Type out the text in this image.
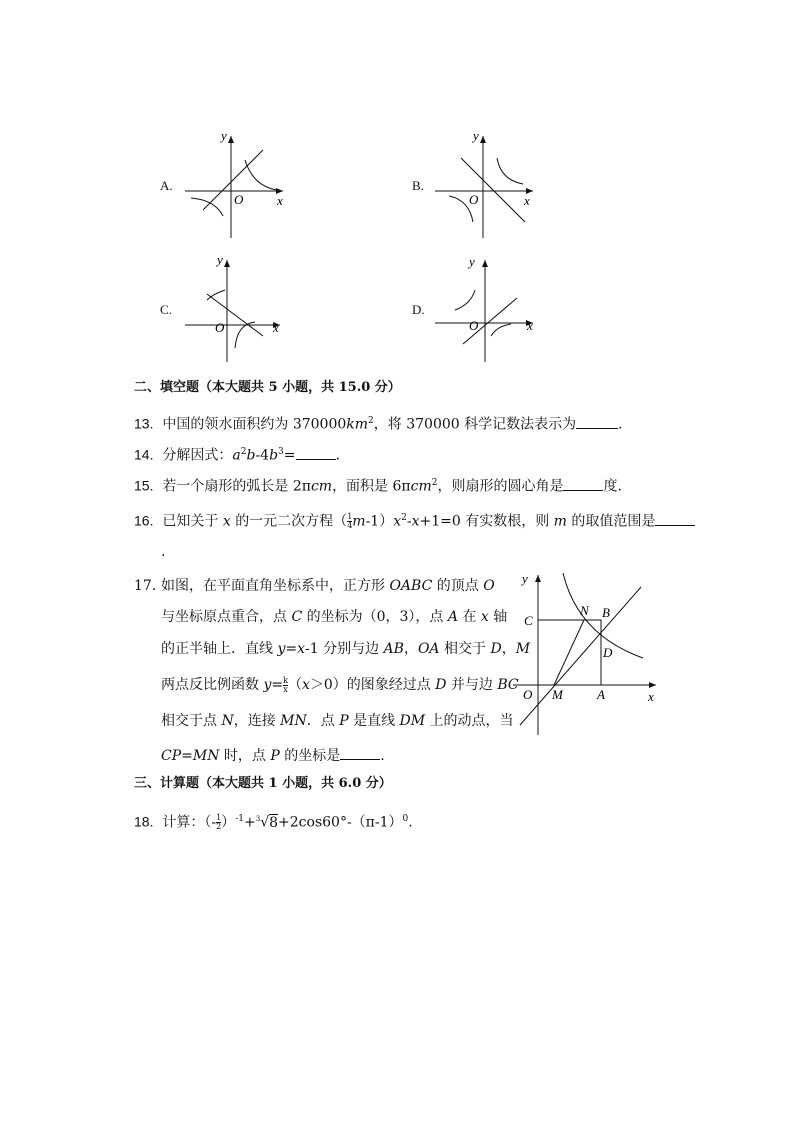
A.
y
O	x
B.
y
O	x
C.
y
O	x
D.
y
O	x
二、填空题（本大题共 5 小题，共 15.0 分）
13. 中国的领水面积约为 $370000km^2$，将 370000 科学记数法表示为	.
14. 分解因式：$a^2b-4b^3=$	.
15. 若一个扇形的弧长是 2πcm，面积是 6πcm$^2$，则扇形的圆心角是	度.
16. 已知关于 x 的一元二次方程（ $\frac{1}{4} m-1)x^2-x+1=0$ 有实数根，则 m 的取值范围是
.
17. 如图，在平面直角坐标系中，正方形 OABC 的顶点 O
与坐标原点重合，点 C 的坐标为（0，3），点 A 在 x 轴
的正半轴上．直线 y=x-1 分别与边 AB，OA 相交于 D，M
两点反比例函数 $y= \frac{k}{x} (x>0)$的图象经过点 D 并与边 BC
相交于点 N，连接 MN．点 P 是直线 DM 上的动点，当
CP=MN 时，点 P 的坐标是	.
y
x
C
N B
D
O M	A
三、计算题（本大题共 1 小题，共 6.0 分）
18. 计算：（- $\frac{1}{2} )^{-1}+^3√8+2\cos 60^\circ-(\pi-1)^0$.
